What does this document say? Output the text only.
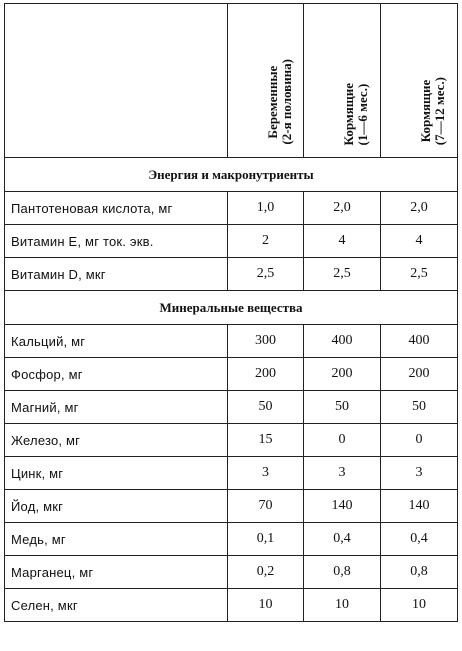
	Беременные (2-я половина)	Кормящие (1—6 мес.)	Кормящие (7—12 мес.)

Энергия и макронутриенты			
Пантотеновая кислота, мг	1,0	2,0	2,0
Витамин Е, мг ток. экв.	2	4	4
Витамин D, мкг	2,5	2,5	2,5
Минеральные вещества			
Кальций, мг	300	400	400
Фосфор, мг	200	200	200
Магний, мг	50	50	50
Железо, мг	15	0	0
Цинк, мг	3	3	3
Йод, мкг	70	140	140
Медь, мг	0,1	0,4	0,4
Марганец, мг	0,2	0,8	0,8
Селен, мкг	10	10	10
